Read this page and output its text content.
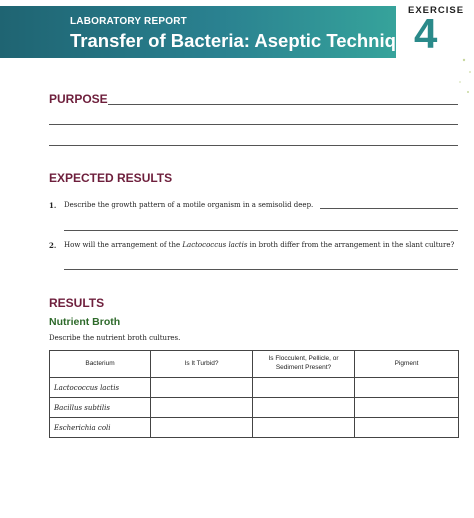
LABORATORY REPORT
Transfer of Bacteria: Aseptic Technique
EXERCISE
4
PURPOSE
EXPECTED RESULTS
1. Describe the growth pattern of a motile organism in a semisolid deep.
2. How will the arrangement of the Lactococcus lactis in broth differ from the arrangement in the slant culture?
RESULTS
Nutrient Broth
Describe the nutrient broth cultures.
Bacterium	Is It Turbid?	Is Flocculent, Pellicle, or Sediment Present?	Pigment
Lactococcus lactis			
Bacillus subtilis			
Escherichia coli			
